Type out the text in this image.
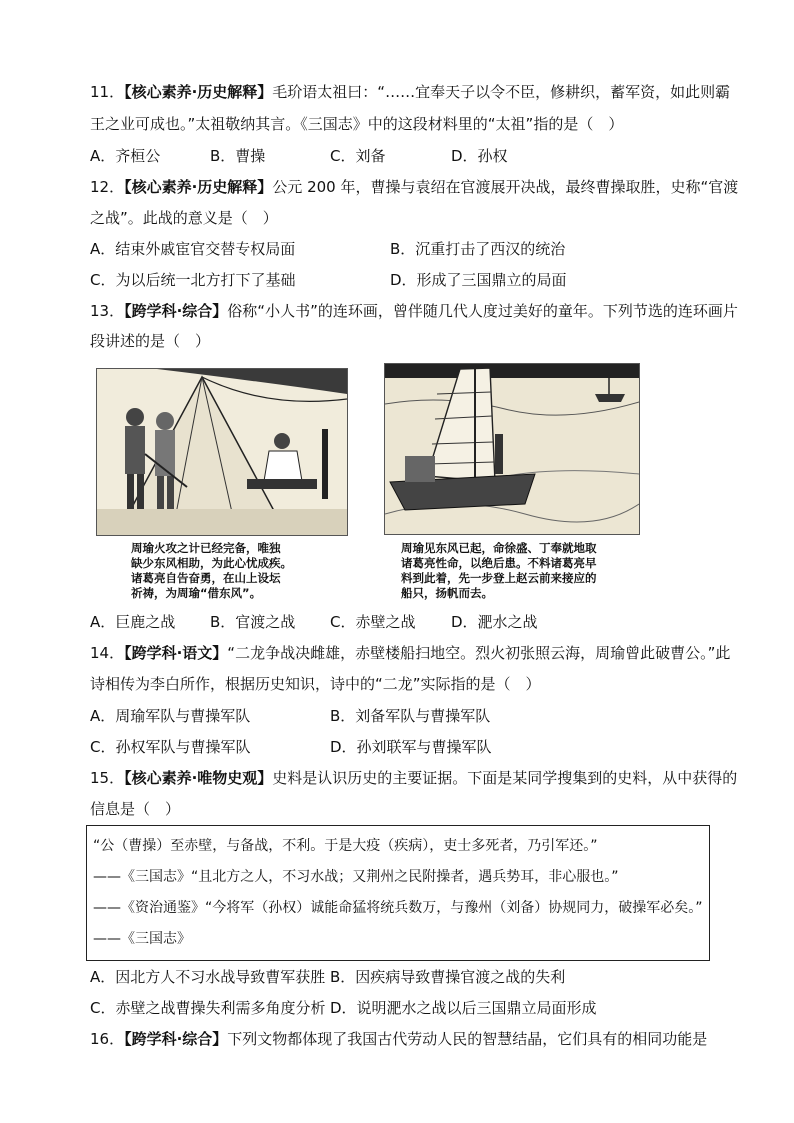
11．【核心素养·历史解释】毛玠语太祖曰：“……宜奉天子以令不臣，修耕织，蓄军资，如此则霸
王之业可成也。”太祖敬纳其言。《三国志》中的这段材料里的“太祖”指的是（　）
A．齐桓公	B．曹操	C．刘备	D．孙权
12．【核心素养·历史解释】公元 200 年，曹操与袁绍在官渡展开决战，最终曹操取胜，史称“官渡
之战”。此战的意义是（　）
A．结束外戚宦官交替专权局面	B．沉重打击了西汉的统治
C．为以后统一北方打下了基础	D．形成了三国鼎立的局面
13．【跨学科·综合】俗称“小人书”的连环画，曾伴随几代人度过美好的童年。下列节选的连环画片
段讲述的是（　）
周瑜火攻之计已经完备，唯独
缺少东风相助，为此心忧成疾。
诸葛亮自告奋勇，在山上设坛
祈祷，为周瑜“借东风”。
周瑜见东风已起，命徐盛、丁奉就地取
诸葛亮性命，以绝后患。不料诸葛亮早
料到此着，先一步登上赵云前来接应的
船只，扬帆而去。
A．巨鹿之战 B．官渡之战 C．赤壁之战 D．淝水之战
14．【跨学科·语文】“二龙争战决雌雄，赤壁楼船扫地空。烈火初张照云海，周瑜曾此破曹公。”此
诗相传为李白所作，根据历史知识，诗中的“二龙”实际指的是（　）
A．周瑜军队与曹操军队	B．刘备军队与曹操军队
C．孙权军队与曹操军队	D．孙刘联军与曹操军队
15．【核心素养·唯物史观】史料是认识历史的主要证据。下面是某同学搜集到的史料，从中获得的
信息是（　）
“公（曹操）至赤壁，与备战，不利。于是大疫（疾病），吏士多死者，乃引军还。”
——《三国志》“且北方之人，不习水战；又荆州之民附操者，遇兵势耳，非心服也。”
——《资治通鉴》“今将军（孙权）诚能命猛将统兵数万，与豫州（刘备）协规同力，破操军必矣。”
——《三国志》
A．因北方人不习水战导致曹军获胜 B．因疾病导致曹操官渡之战的失利
C．赤壁之战曹操失利需多角度分析 D．说明淝水之战以后三国鼎立局面形成
16．【跨学科·综合】下列文物都体现了我国古代劳动人民的智慧结晶，它们具有的相同功能是
